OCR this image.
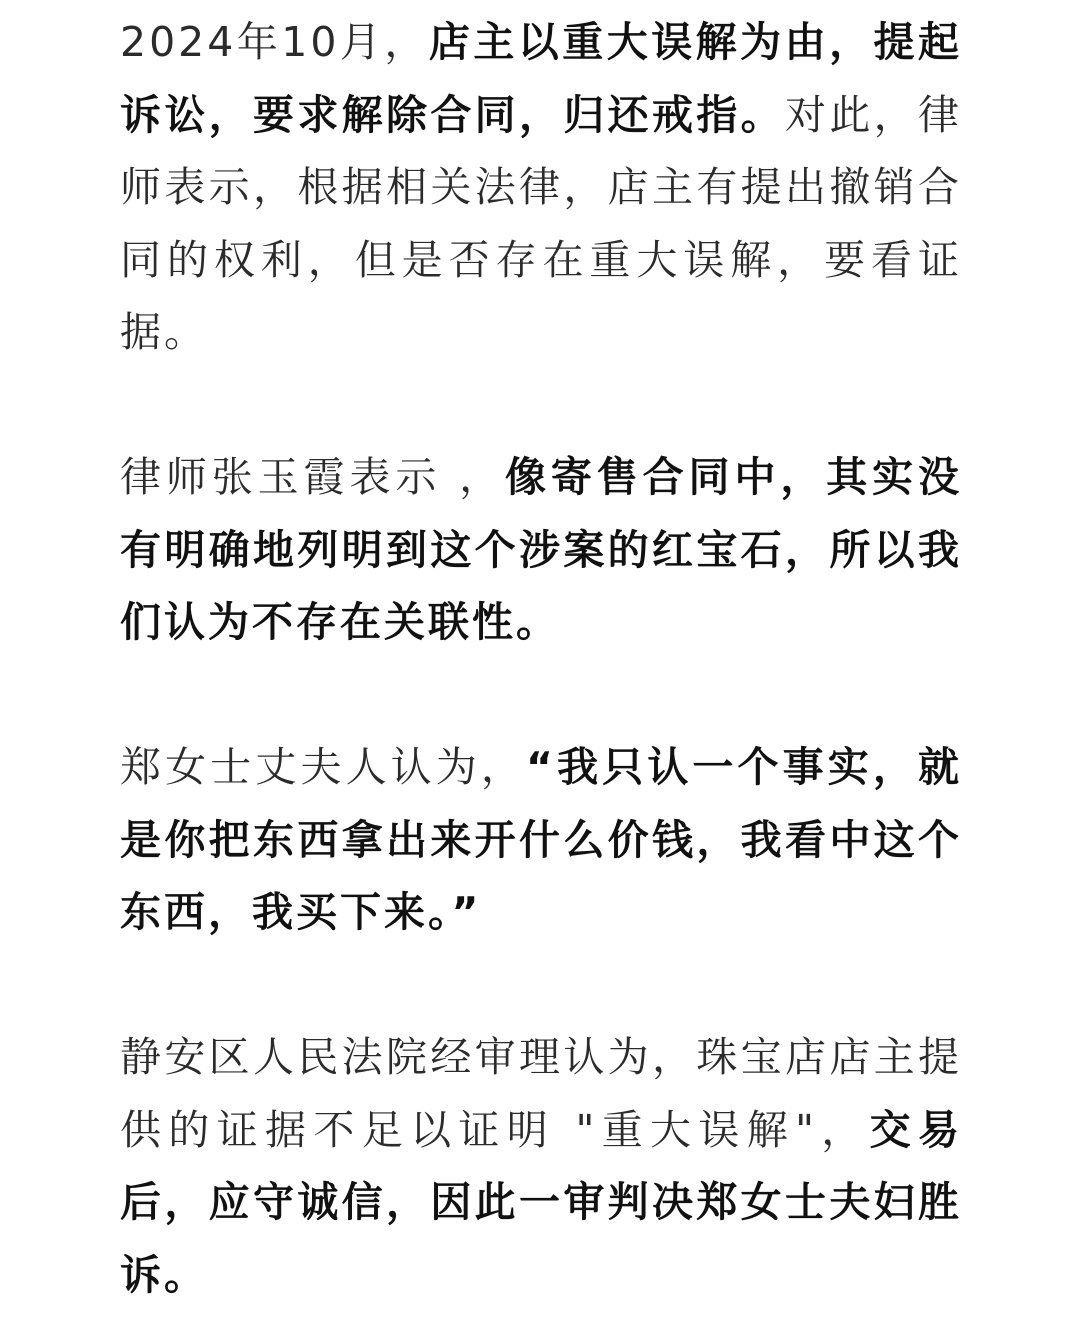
2024年10月，店主以重大误解为由，提起诉讼，要求解除合同，归还戒指。对此，律师表示，根据相关法律，店主有提出撤销合同的权利，但是否存在重大误解，要看证据。

律师张玉霞表示 ，像寄售合同中，其实没有明确地列明到这个涉案的红宝石，所以我们认为不存在关联性。

郑女士丈夫人认为，“我只认一个事实，就是你把东西拿出来开什么价钱，我看中这个东西，我买下来。”

静安区人民法院经审理认为，珠宝店店主提供的证据不足以证明 "重大误解"，交易后，应守诚信，因此一审判决郑女士夫妇胜诉。
